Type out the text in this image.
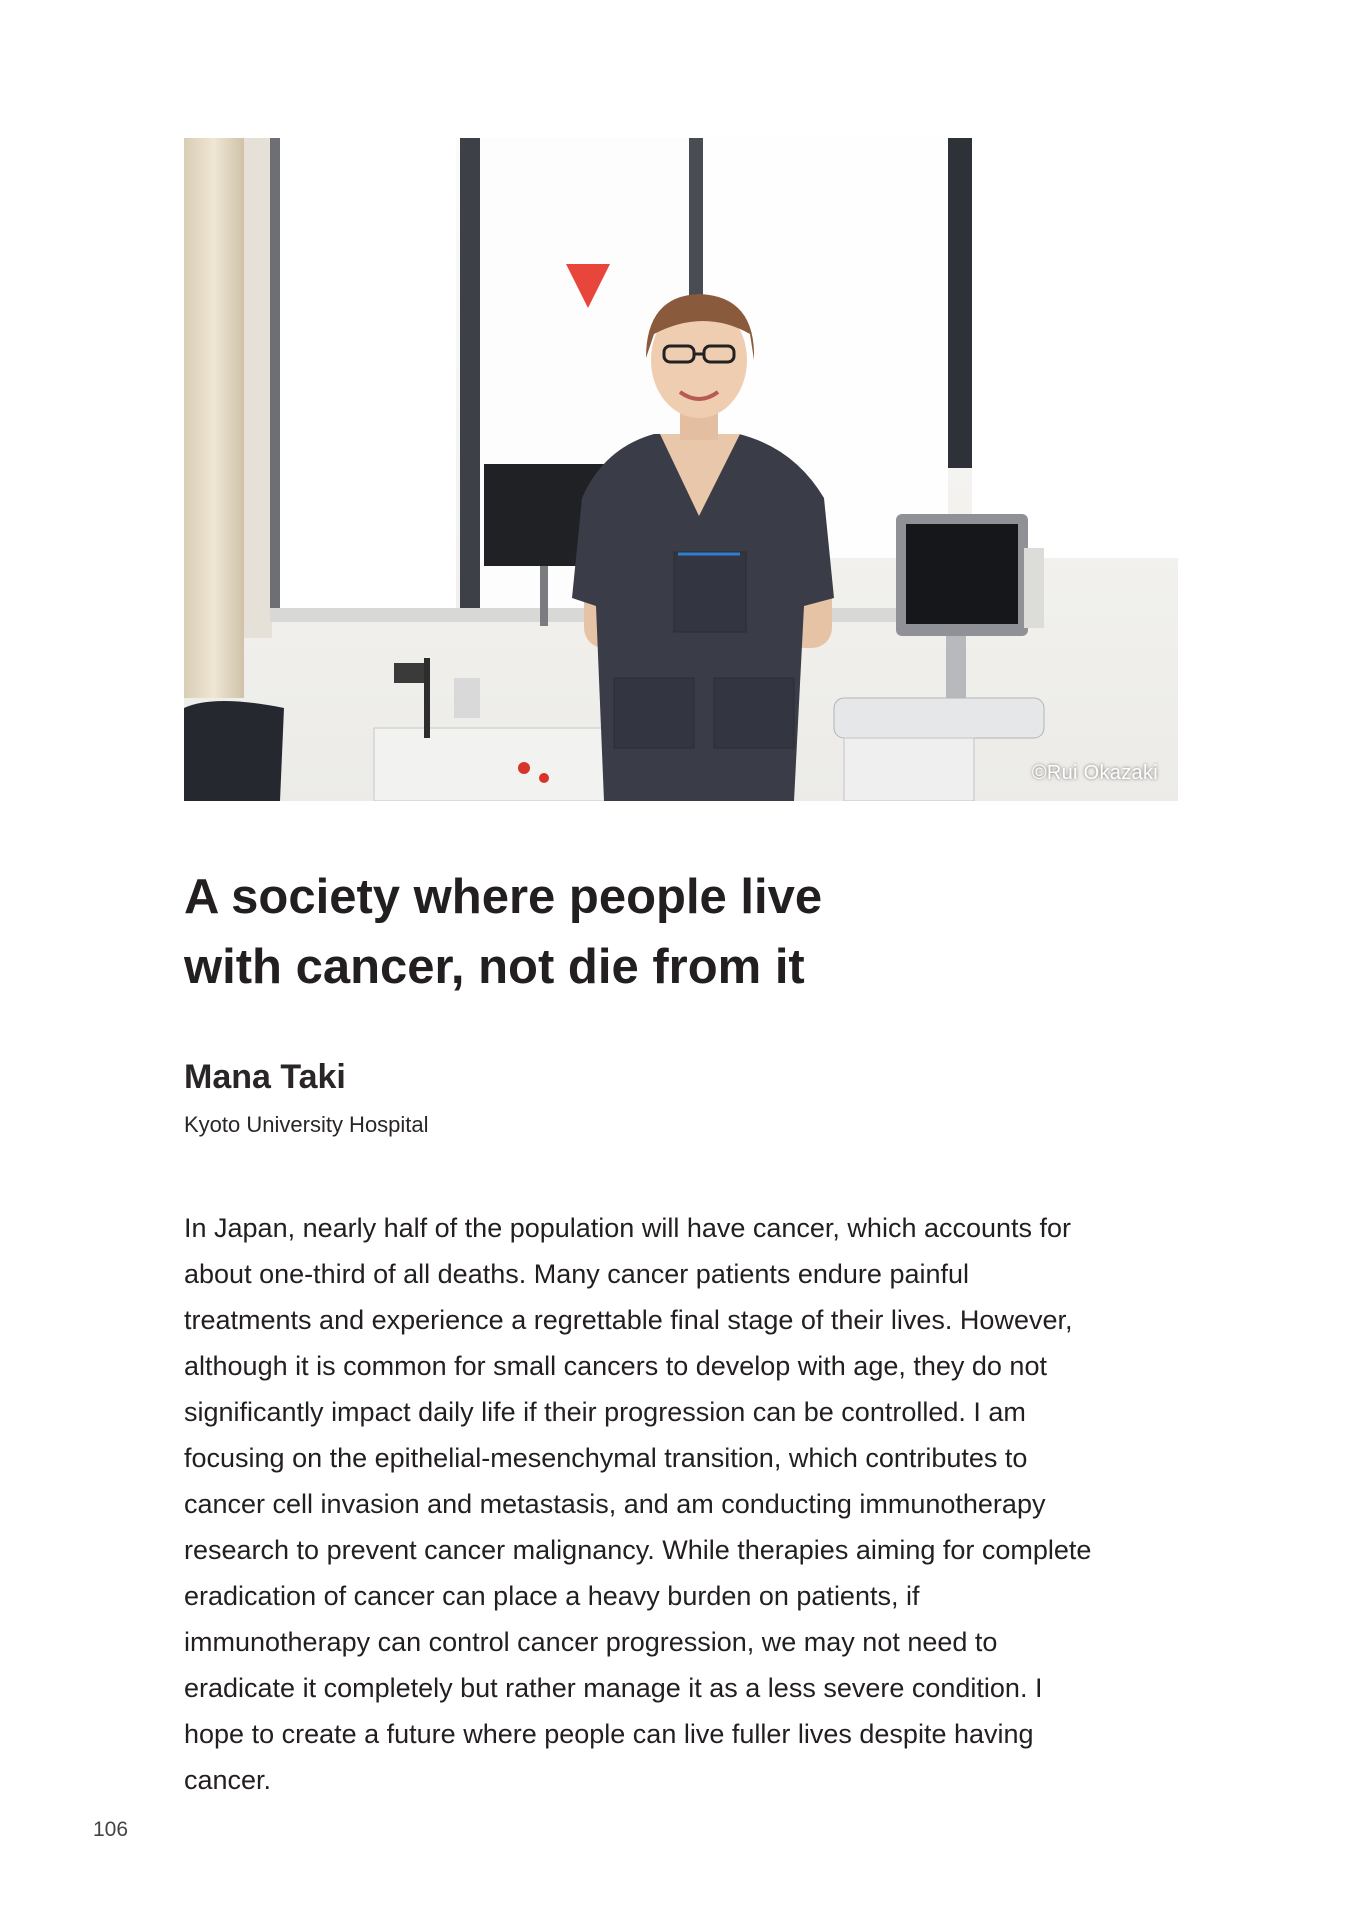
©Rui Okazaki
A society where people live
with cancer, not die from it
Mana Taki
Kyoto University Hospital
In Japan, nearly half of the population will have cancer, which accounts for
about one-third of all deaths. Many cancer patients endure painful
treatments and experience a regrettable final stage of their lives. However,
although it is common for small cancers to develop with age, they do not
significantly impact daily life if their progression can be controlled. I am
focusing on the epithelial-mesenchymal transition, which contributes to
cancer cell invasion and metastasis, and am conducting immunotherapy
research to prevent cancer malignancy. While therapies aiming for complete
eradication of cancer can place a heavy burden on patients, if
immunotherapy can control cancer progression, we may not need to
eradicate it completely but rather manage it as a less severe condition. I
hope to create a future where people can live fuller lives despite having
cancer.
106
